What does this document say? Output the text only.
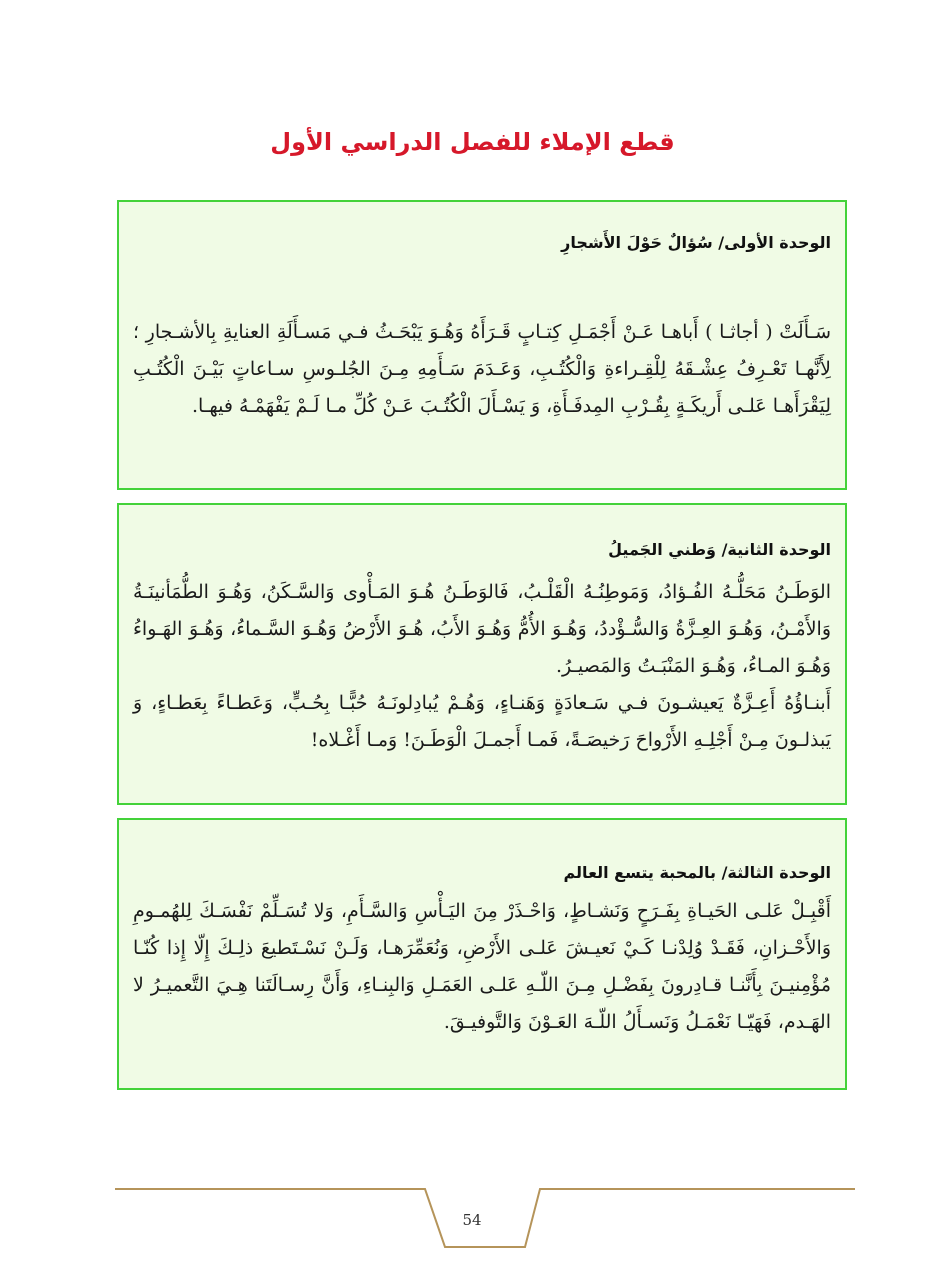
قطع الإملاء للفصل الدراسي الأول
الوحدة الأولى/ سُؤالٌ حَوْلَ الأَشجارِ

سَـأَلَتْ ( أجاثـا ) أَباهـا عَـنْ أَجْمَـلِ كِتـابٍ قَـرَأَهُ وَهُـوَ يَبْحَـثُ فـي مَسـأَلَةِ العنايةِ بِالأشـجارِ ؛ لِأَنَّهـا تَعْـرِفُ عِشْـقَهُ لِلْقِـراءةِ وَالْكُتُـبِ، وَعَـدَمَ سَـأَمِهِ مِـنَ الجُلـوسِ سـاعاتٍ بَيْـنَ الْكُتُـبِ لِيَقْرَأَهـا عَلـى أَريكَـةٍ بِقُـرْبِ المِدفَـأَةِ، وَ يَسْـأَلَ الْكُتُـبَ عَـنْ كُلِّ مـا لَـمْ يَفْهَمْـهُ فيهـا.

الوحدة الثانية/ وَطني الجَميلُ

الوَطَـنُ مَحَلُّـهُ الفُـؤادُ، وَمَوطِنُـهُ الْقَلْـبُ، فَالوَطَـنُ هُـوَ المَـأْوى وَالسَّـكَنُ، وَهُـوَ الطُّمَأنينَـةُ وَالأَمْـنُ، وَهُـوَ العِـزَّةُ وَالسُّـؤْددُ، وَهُـوَ الأُمُّ وَهُـوَ الأَبُ، هُـوَ الأَرْضُ وَهُـوَ السَّـماءُ، وَهُـوَ الهَـواءُ وَهُـوَ المـاءُ، وَهُـوَ المَنْبَـتُ وَالمَصيـرُ.

أَبنـاؤُهُ أَعِـزَّةٌ يَعيشـونَ فـي سَـعادَةٍ وَهَنـاءٍ، وَهُـمْ يُبادِلونَـهُ حُبًّـا بِحُـبٍّ، وَعَطـاءً بِعَطـاءٍ، وَ يَبذلـونَ مِـنْ أَجْلِـهِ الأَرْواحَ رَخيصَـةً، فَمـا أَجمـلَ الْوَطَـنَ! وَمـا أَغْـلاه!

الوحدة الثالثة/ بالمحبة يتسع العالم

أَقْبِـلْ عَلـى الحَيـاةِ بِفَـرَحٍ وَنَشـاطٍ، وَاحْـذَرْ مِنَ اليَـأْسِ وَالسَّـأَمِ، وَلا تُسَـلِّمْ نَفْسَـكَ لِلهُمـومِ وَالأَحْـزانِ، فَقَـدْ وُلِدْنـا كَـيْ نَعيـشَ عَلـى الأَرْضِ، وَنُعَمِّرَهـا، وَلَـنْ نَسْـتَطيعَ ذلِـكَ إِلّا إِذا كُنّـا مُؤْمِنيـنَ بِأَنَّنـا قـادِرونَ بِفَضْـلِ مِـنَ اللّـهِ عَلـى العَمَـلِ وَالبِنـاءِ، وَأَنَّ رِسـالَتَنا هِـيَ التَّعميـرُ لا الهَـدم، فَهَيّـا نَعْمَـلُ وَنَسـأَلُ اللّـهَ العَـوْنَ وَالتَّوفيـقَ.

54
